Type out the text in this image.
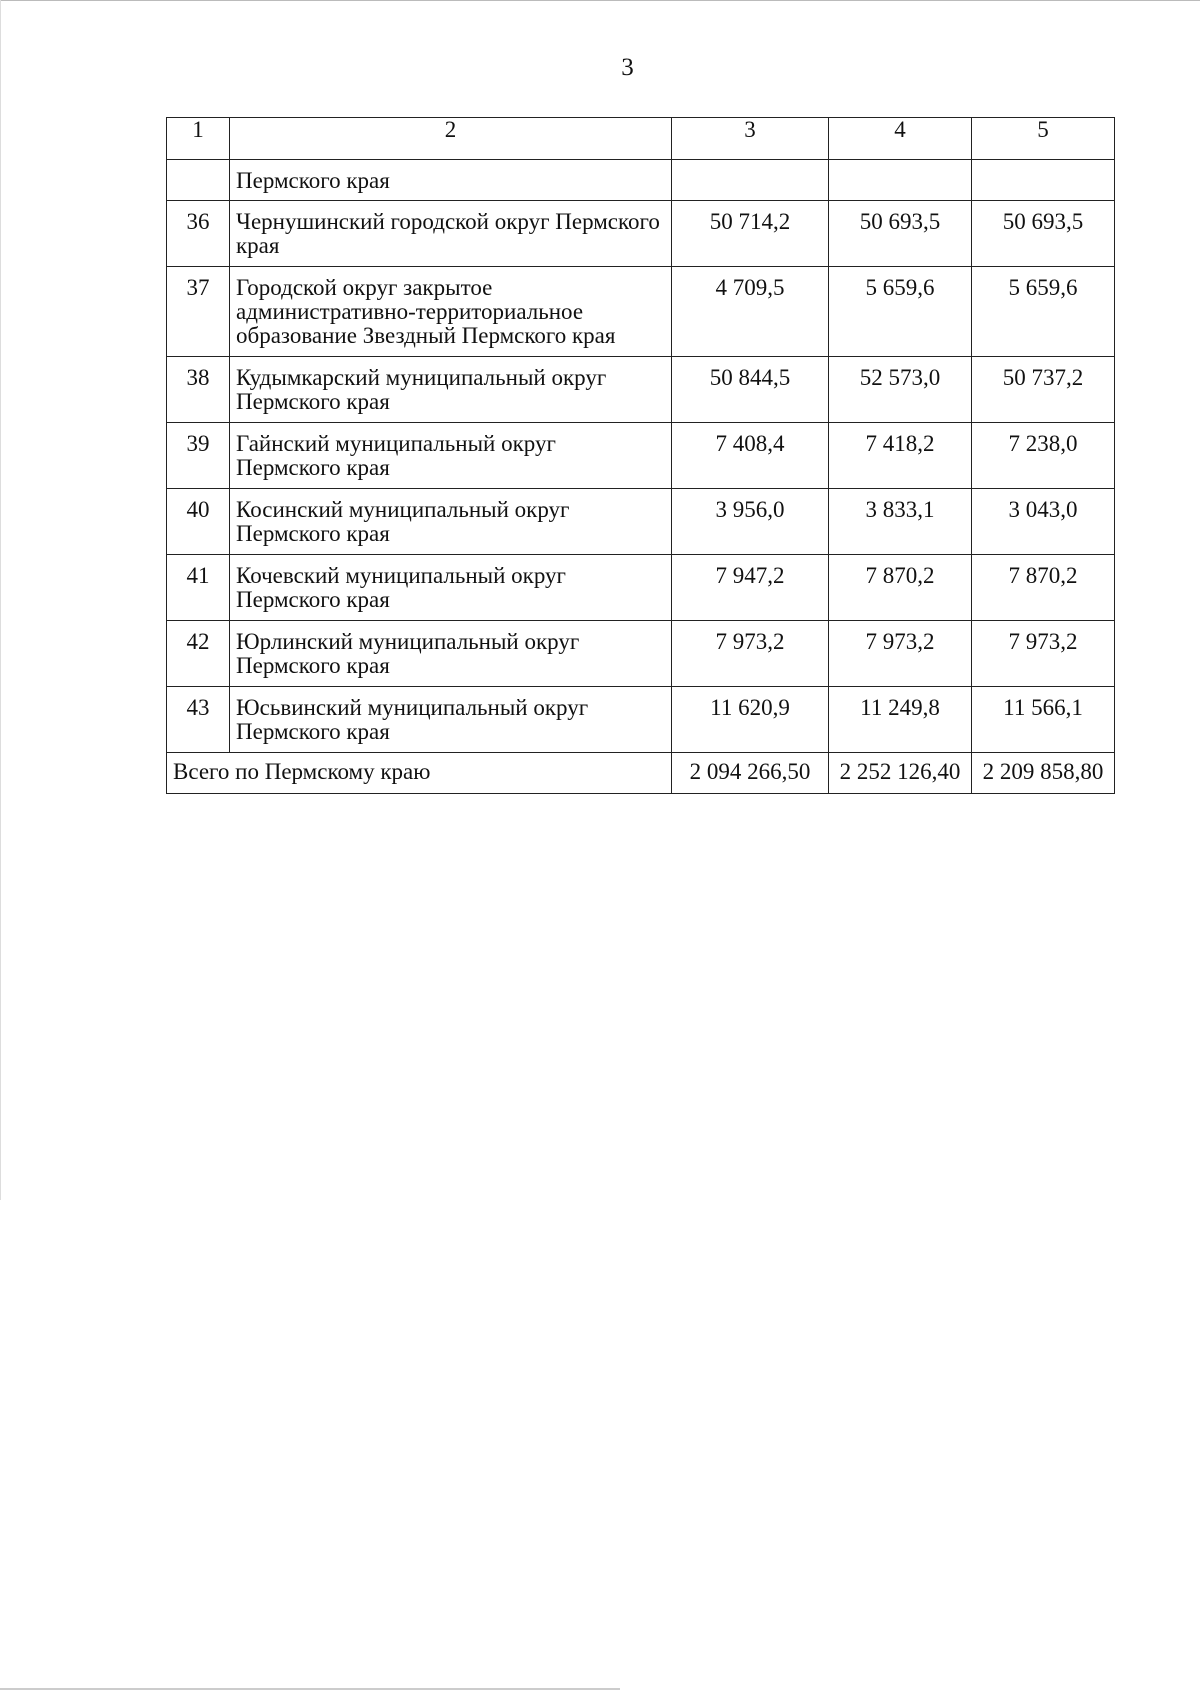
3
1	2	3	4	5
	Пермского края			
36	Чернушинский городской округ Пермского края	50 714,2	50 693,5	50 693,5
37	Городской округ закрытое административно-территориальное образование Звездный Пермского края	4 709,5	5 659,6	5 659,6
38	Кудымкарский муниципальный округ Пермского края	50 844,5	52 573,0	50 737,2
39	Гайнский муниципальный округ Пермского края	7 408,4	7 418,2	7 238,0
40	Косинский муниципальный округ Пермского края	3 956,0	3 833,1	3 043,0
41	Кочевский муниципальный округ Пермского края	7 947,2	7 870,2	7 870,2
42	Юрлинский муниципальный округ Пермского края	7 973,2	7 973,2	7 973,2
43	Юсьвинский муниципальный округ Пермского края	11 620,9	11 249,8	11 566,1
Всего по Пермскому краю		2 094 266,50	2 252 126,40	2 209 858,80
